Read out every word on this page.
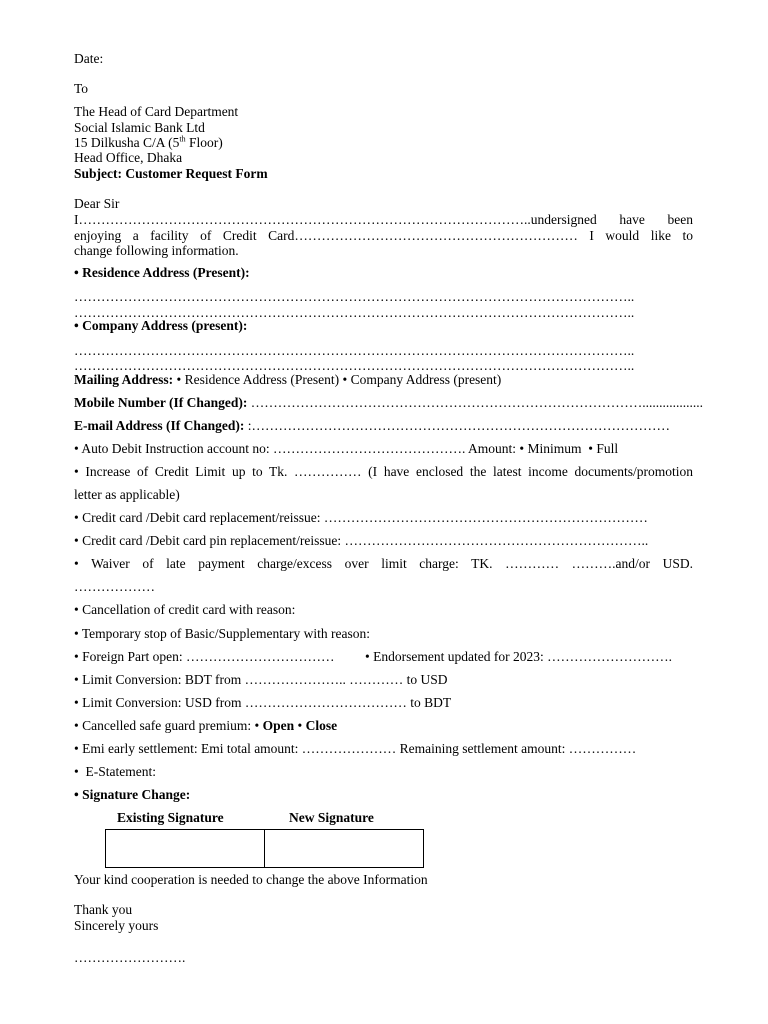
Date:
To
The Head of Card Department
Social Islamic Bank Ltd
15 Dilkusha C/A (5th Floor)
Head Office, Dhaka
Subject: Customer Request Form
Dear Sir
I………………………………………………………………………………………..undersigned have been
enjoying a facility of Credit Card……………………………………………………… I would like to
change following information.
• Residence Address (Present):
……………………………………………………………………………………………………………..
……………………………………………………………………………………………………………..
• Company Address (present):
……………………………………………………………………………………………………………..
……………………………………………………………………………………………………………..
Mailing Address: • Residence Address (Present) • Company Address (present)
Mobile Number (If Changed): ……………………………………………………………………………..................
E-mail Address (If Changed): :…………………………………………………………………………………
• Auto Debit Instruction account no: ……………………………………. Amount: • Minimum • Full
• Increase of Credit Limit up to Tk. …………… (I have enclosed the latest income documents/promotion
letter as applicable)
• Credit card /Debit card replacement/reissue: ………………………………………………………………
• Credit card /Debit card pin replacement/reissue: …………………………………………………………..
• Waiver of late payment charge/excess over limit charge: TK. ………… ……….and/or USD.
………………
• Cancellation of credit card with reason:
• Temporary stop of Basic/Supplementary with reason:
• Foreign Part open: …………………………… • Endorsement updated for 2023: ……………………….
• Limit Conversion: BDT from ………………….. ………… to USD
• Limit Conversion: USD from ……………………………… to BDT
• Cancelled safe guard premium: • Open • Close
• Emi early settlement: Emi total amount: ………………… Remaining settlement amount: ……………
• E-Statement:
• Signature Change:
Existing Signature	New Signature

Your kind cooperation is needed to change the above Information
Thank you
Sincerely yours
…………………….
